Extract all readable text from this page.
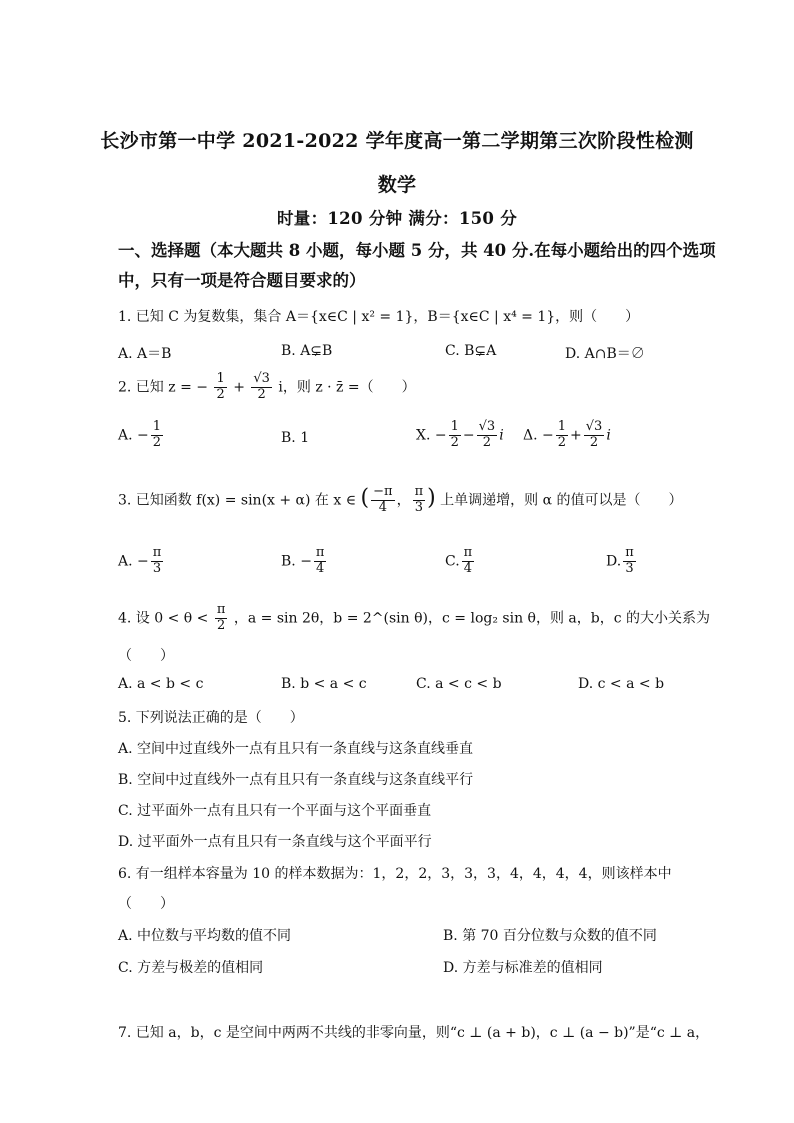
长沙市第一中学 2021-2022 学年度高一第二学期第三次阶段性检测
数学
时量：120 分钟 满分：150 分
一、选择题（本大题共 8 小题，每小题 5 分，共 40 分.在每小题给出的四个选项
中，只有一项是符合题目要求的）
1. 已知 C 为复数集，集合 A＝{x∈C | x² = 1}，B＝{x∈C | x⁴ = 1}，则（　　）
A. A＝B	B. A⊊B	C. B⊊A	D. A∩B＝∅
2. 已知 z = − $\frac{1}{2} + \frac{√3}{2}$ i，则 z · z̄ =（　　）
A. − $\frac{1}{2}$	B. 1	X. − $\frac{1}{2} - \frac{√3}{2}$ i Δ. − $\frac{1}{2} + \frac{√3}{2}$ i
3. 已知函数 f(x) = sin(x + α) 在 x ∈ ( $\frac{-\pi}{4}$ ， $\frac{\pi}{3}$ ) 上单调递增，则 α 的值可以是（　　）
A. − $\frac{\pi}{3}$	B. − $\frac{\pi}{4}$	C. $\frac{\pi}{4}$	D. $\frac{\pi}{3}$
4. 设 $0 < \theta < \frac{\pi}{2}$ ，a = sin 2θ，b = 2^(sin θ)，c = log₂ sin θ，则 a，b，c 的大小关系为
（　　）
A. a < b < c	B. b < a < c	C. a < c < b	D. c < a < b
5. 下列说法正确的是（　　）
A. 空间中过直线外一点有且只有一条直线与这条直线垂直
B. 空间中过直线外一点有且只有一条直线与这条直线平行
C. 过平面外一点有且只有一个平面与这个平面垂直
D. 过平面外一点有且只有一条直线与这个平面平行
6. 有一组样本容量为 10 的样本数据为：1，2，2，3，3，3，4，4，4，4，则该样本中
（　　）
A. 中位数与平均数的值不同	B. 第 70 百分位数与众数的值不同
C. 方差与极差的值相同	D. 方差与标准差的值相同
7. 已知 a，b，c 是空间中两两不共线的非零向量，则“c ⊥ (a + b)，c ⊥ (a − b)”是“c ⊥ a，
